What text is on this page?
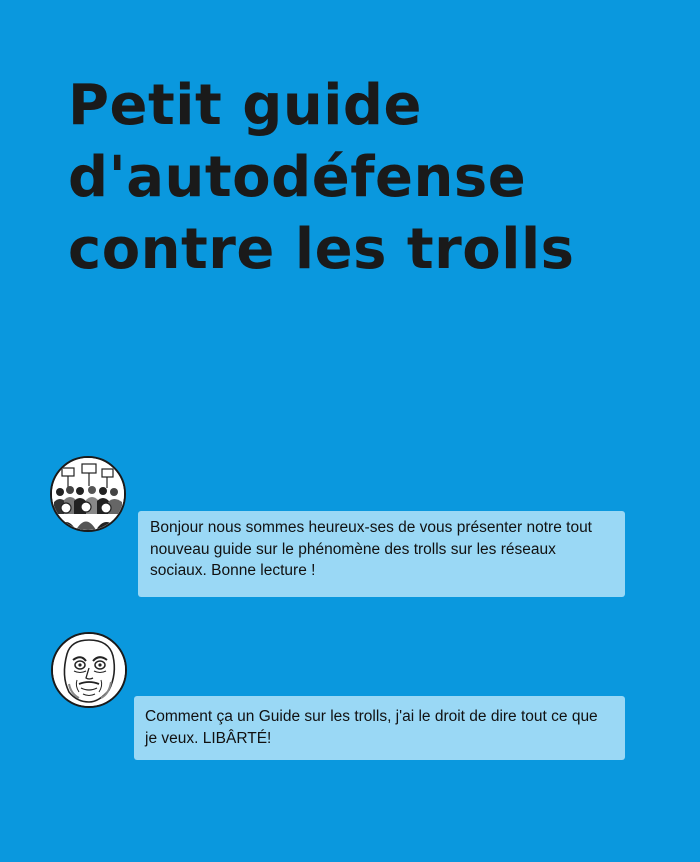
Petit guide
d'autodéfense
contre les trolls
Bonjour nous sommes heureux-ses de vous présenter notre tout nouveau guide sur le phénomène des trolls sur les réseaux sociaux. Bonne lecture !
Comment ça un Guide sur les trolls, j'ai le droit de dire tout ce que je veux. LIBÂRTÉ!
